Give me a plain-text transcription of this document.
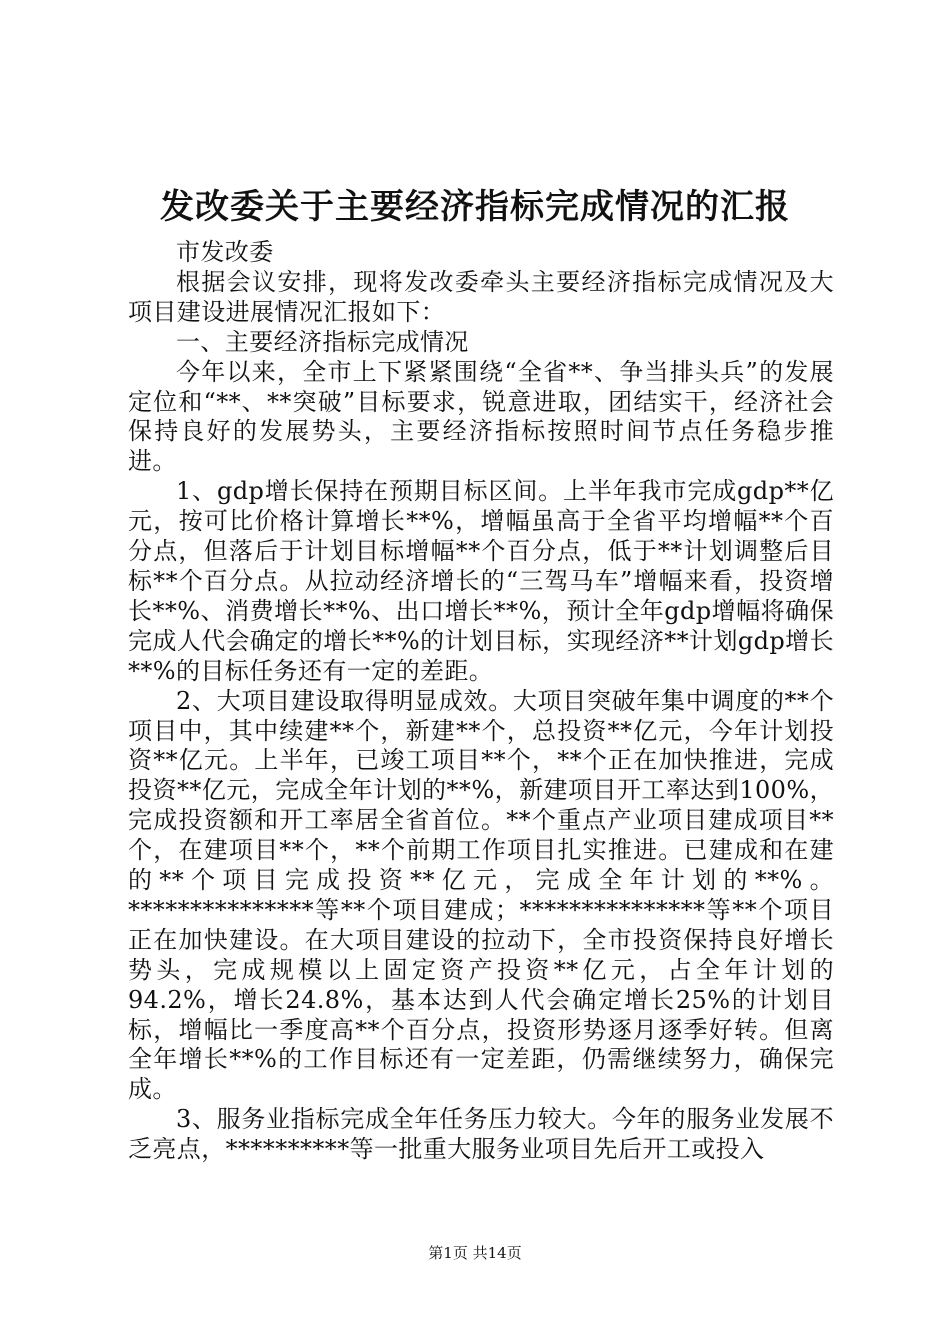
发改委关于主要经济指标完成情况的汇报

市发改委

根据会议安排，现将发改委牵头主要经济指标完成情况及大项目建设进展情况汇报如下：

一、主要经济指标完成情况

今年以来，全市上下紧紧围绕“全省**、争当排头兵”的发展定位和“**、**突破”目标要求，锐意进取，团结实干，经济社会保持良好的发展势头，主要经济指标按照时间节点任务稳步推进。

1、gdp增长保持在预期目标区间。上半年我市完成gdp**亿元，按可比价格计算增长**%，增幅虽高于全省平均增幅**个百分点，但落后于计划目标增幅**个百分点，低于**计划调整后目标**个百分点。从拉动经济增长的“三驾马车”增幅来看，投资增长**%、消费增长**%、出口增长**%，预计全年gdp增幅将确保完成人代会确定的增长**%的计划目标，实现经济**计划gdp增长**%的目标任务还有一定的差距。

2、大项目建设取得明显成效。大项目突破年集中调度的**个项目中，其中续建**个，新建**个，总投资**亿元，今年计划投资**亿元。上半年，已竣工项目**个，**个正在加快推进，完成投资**亿元，完成全年计划的**%，新建项目开工率达到100%，完成投资额和开工率居全省首位。**个重点产业项目建成项目**个，在建项目**个，**个前期工作项目扎实推进。已建成和在建的**个项目完成投资**亿元，完成全年计划的**%。***************等**个项目建成；***************等**个项目正在加快建设。在大项目建设的拉动下，全市投资保持良好增长势头，完成规模以上固定资产投资**亿元，占全年计划的94.2%，增长24.8%，基本达到人代会确定增长25%的计划目标，增幅比一季度高**个百分点，投资形势逐月逐季好转。但离全年增长**%的工作目标还有一定差距，仍需继续努力，确保完成。

3、服务业指标完成全年任务压力较大。今年的服务业发展不乏亮点，**********等一批重大服务业项目先后开工或投入

第1页 共14页
